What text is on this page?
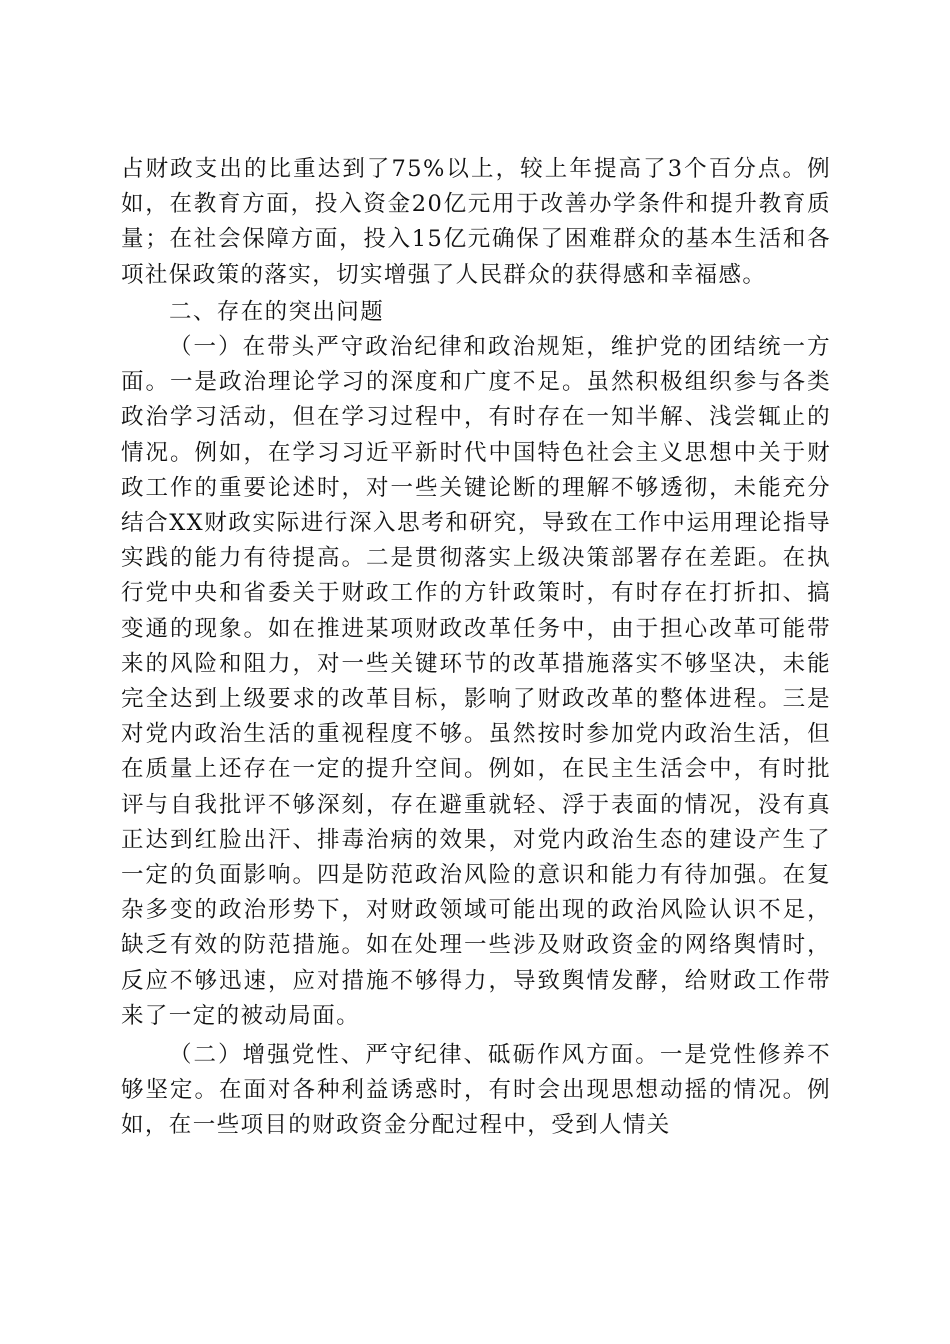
占财政支出的比重达到了75%以上，较上年提高了3个百分点。例如，在教育方面，投入资金20亿元用于改善办学条件和提升教育质量；在社会保障方面，投入15亿元确保了困难群众的基本生活和各项社保政策的落实，切实增强了人民群众的获得感和幸福感。

二、存在的突出问题

（一）在带头严守政治纪律和政治规矩，维护党的团结统一方面。一是政治理论学习的深度和广度不足。虽然积极组织参与各类政治学习活动，但在学习过程中，有时存在一知半解、浅尝辄止的情况。例如，在学习习近平新时代中国特色社会主义思想中关于财政工作的重要论述时，对一些关键论断的理解不够透彻，未能充分结合XX财政实际进行深入思考和研究，导致在工作中运用理论指导实践的能力有待提高。二是贯彻落实上级决策部署存在差距。在执行党中央和省委关于财政工作的方针政策时，有时存在打折扣、搞变通的现象。如在推进某项财政改革任务中，由于担心改革可能带来的风险和阻力，对一些关键环节的改革措施落实不够坚决，未能完全达到上级要求的改革目标，影响了财政改革的整体进程。三是对党内政治生活的重视程度不够。虽然按时参加党内政治生活，但在质量上还存在一定的提升空间。例如，在民主生活会中，有时批评与自我批评不够深刻，存在避重就轻、浮于表面的情况，没有真正达到红脸出汗、排毒治病的效果，对党内政治生态的建设产生了一定的负面影响。四是防范政治风险的意识和能力有待加强。在复杂多变的政治形势下，对财政领域可能出现的政治风险认识不足，缺乏有效的防范措施。如在处理一些涉及财政资金的网络舆情时，反应不够迅速，应对措施不够得力，导致舆情发酵，给财政工作带来了一定的被动局面。

（二）增强党性、严守纪律、砥砺作风方面。一是党性修养不够坚定。在面对各种利益诱惑时，有时会出现思想动摇的情况。例如，在一些项目的财政资金分配过程中，受到人情关
